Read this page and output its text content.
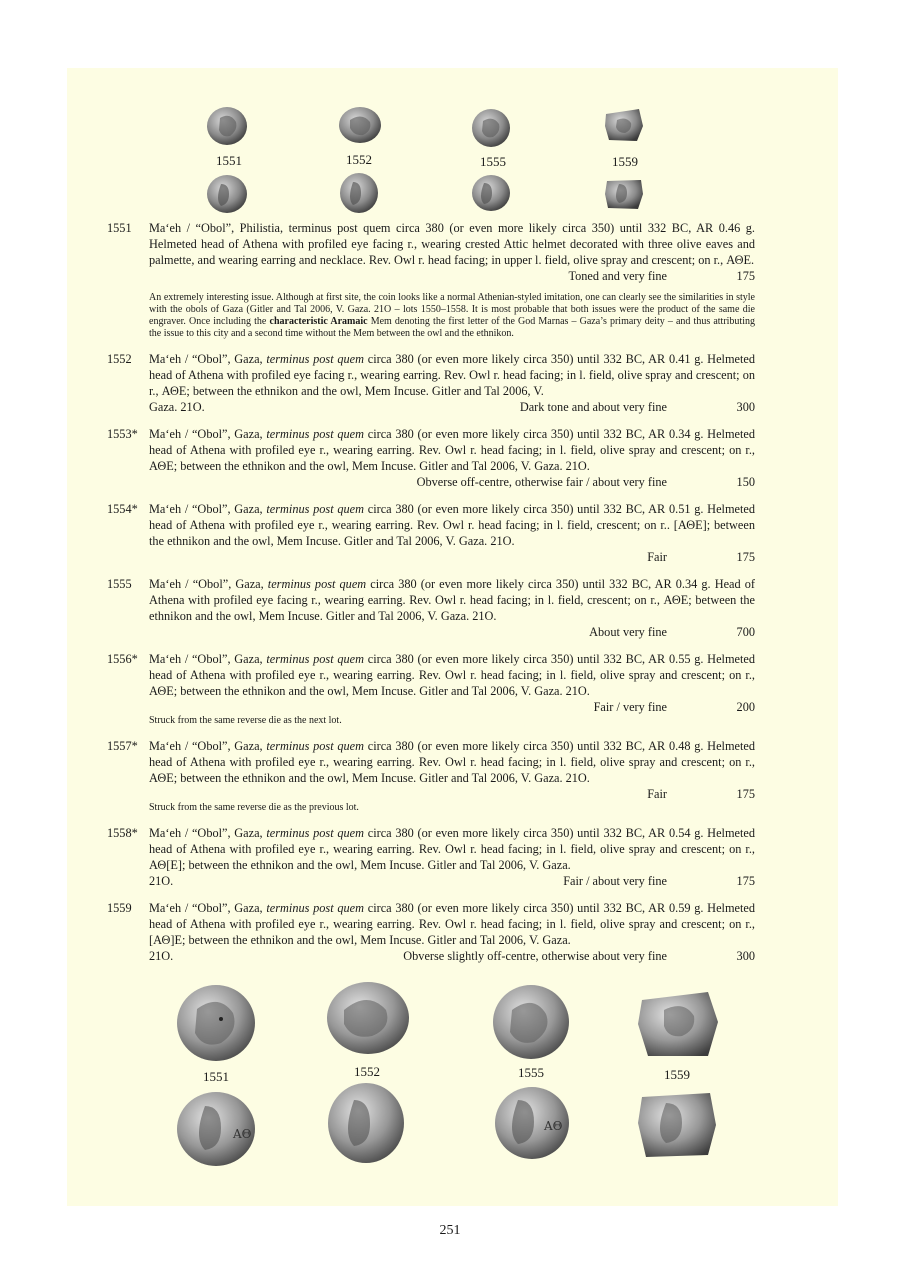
1551	1552	1555	1559
1551	Ma‘eh / “Obol”, Philistia, terminus post quem circa 380 (or even more likely circa 350) until 332 BC, AR 0.46 g. Helmeted head of Athena with profiled eye facing r., wearing crested Attic helmet decorated with three olive eaves and palmette, and wearing earring and necklace. Rev. Owl r. head facing; in upper l. field, olive spray and crescent; on r., ΑΘΕ.
Toned and very fine	175
An extremely interesting issue. Although at first site, the coin looks like a normal Athenian-styled imitation, one can clearly see the similarities in style with the obols of Gaza (Gitler and Tal 2006, V. Gaza. 21O – lots 1550–1558. It is most probable that both issues were the product of the same die engraver. Once including the characteristic Aramaic Mem denoting the first letter of the God Marnas – Gaza’s primary deity – and thus attributing the issue to this city and a second time without the Mem between the owl and the ethnikon.
1552	Ma‘eh / “Obol”, Gaza, terminus post quem circa 380 (or even more likely circa 350) until 332 BC, AR 0.41 g. Helmeted head of Athena with profiled eye facing r., wearing earring. Rev. Owl r. head facing; in l. field, olive spray and crescent; on r., ΑΘΕ; between the ethnikon and the owl, Mem Incuse. Gitler and Tal 2006, V.
Gaza. 21O.	Dark tone and about very fine	300
1553* Ma‘eh / “Obol”, Gaza, terminus post quem circa 380 (or even more likely circa 350) until 332 BC, AR 0.34 g. Helmeted head of Athena with profiled eye r., wearing earring. Rev. Owl r. head facing; in l. field, olive spray and crescent; on r., ΑΘΕ; between the ethnikon and the owl, Mem Incuse. Gitler and Tal 2006, V. Gaza. 21O.
Obverse off-centre, otherwise fair / about very fine	150
1554* Ma‘eh / “Obol”, Gaza, terminus post quem circa 380 (or even more likely circa 350) until 332 BC, AR 0.51 g. Helmeted head of Athena with profiled eye r., wearing earring. Rev. Owl r. head facing; in l. field, crescent; on r.. [ΑΘΕ]; between the ethnikon and the owl, Mem Incuse. Gitler and Tal 2006, V. Gaza. 21O.
Fair	175
1555	Ma‘eh / “Obol”, Gaza, terminus post quem circa 380 (or even more likely circa 350) until 332 BC, AR 0.34 g. Head of Athena with profiled eye facing r., wearing earring. Rev. Owl r. head facing; in l. field, crescent; on r., ΑΘΕ; between the ethnikon and the owl, Mem Incuse. Gitler and Tal 2006, V. Gaza. 21O.
About very fine	700
1556* Ma‘eh / “Obol”, Gaza, terminus post quem circa 380 (or even more likely circa 350) until 332 BC, AR 0.55 g. Helmeted head of Athena with profiled eye r., wearing earring. Rev. Owl r. head facing; in l. field, olive spray and crescent; on r., ΑΘΕ; between the ethnikon and the owl, Mem Incuse. Gitler and Tal 2006, V. Gaza. 21O.
Fair / very fine	200
Struck from the same reverse die as the next lot.
1557* Ma‘eh / “Obol”, Gaza, terminus post quem circa 380 (or even more likely circa 350) until 332 BC, AR 0.48 g. Helmeted head of Athena with profiled eye r., wearing earring. Rev. Owl r. head facing; in l. field, olive spray and crescent; on r., ΑΘΕ; between the ethnikon and the owl, Mem Incuse. Gitler and Tal 2006, V. Gaza. 21O.
Fair	175
Struck from the same reverse die as the previous lot.
1558* Ma‘eh / “Obol”, Gaza, terminus post quem circa 380 (or even more likely circa 350) until 332 BC, AR 0.54 g. Helmeted head of Athena with profiled eye r., wearing earring. Rev. Owl r. head facing; in l. field, olive spray and crescent; on r., ΑΘ[Ε]; between the ethnikon and the owl, Mem Incuse. Gitler and Tal 2006, V. Gaza.
21O.	Fair / about very fine	175
1559	Ma‘eh / “Obol”, Gaza, terminus post quem circa 380 (or even more likely circa 350) until 332 BC, AR 0.59 g. Helmeted head of Athena with profiled eye r., wearing earring. Rev. Owl r. head facing; in l. field, olive spray and crescent; on r., [ΑΘ]Ε; between the ethnikon and the owl, Mem Incuse. Gitler and Tal 2006, V. Gaza.
21O.	Obverse slightly off-centre, otherwise about very fine	300
1551	1552	1555	1559
ΑΘ
ΑΘ
251
